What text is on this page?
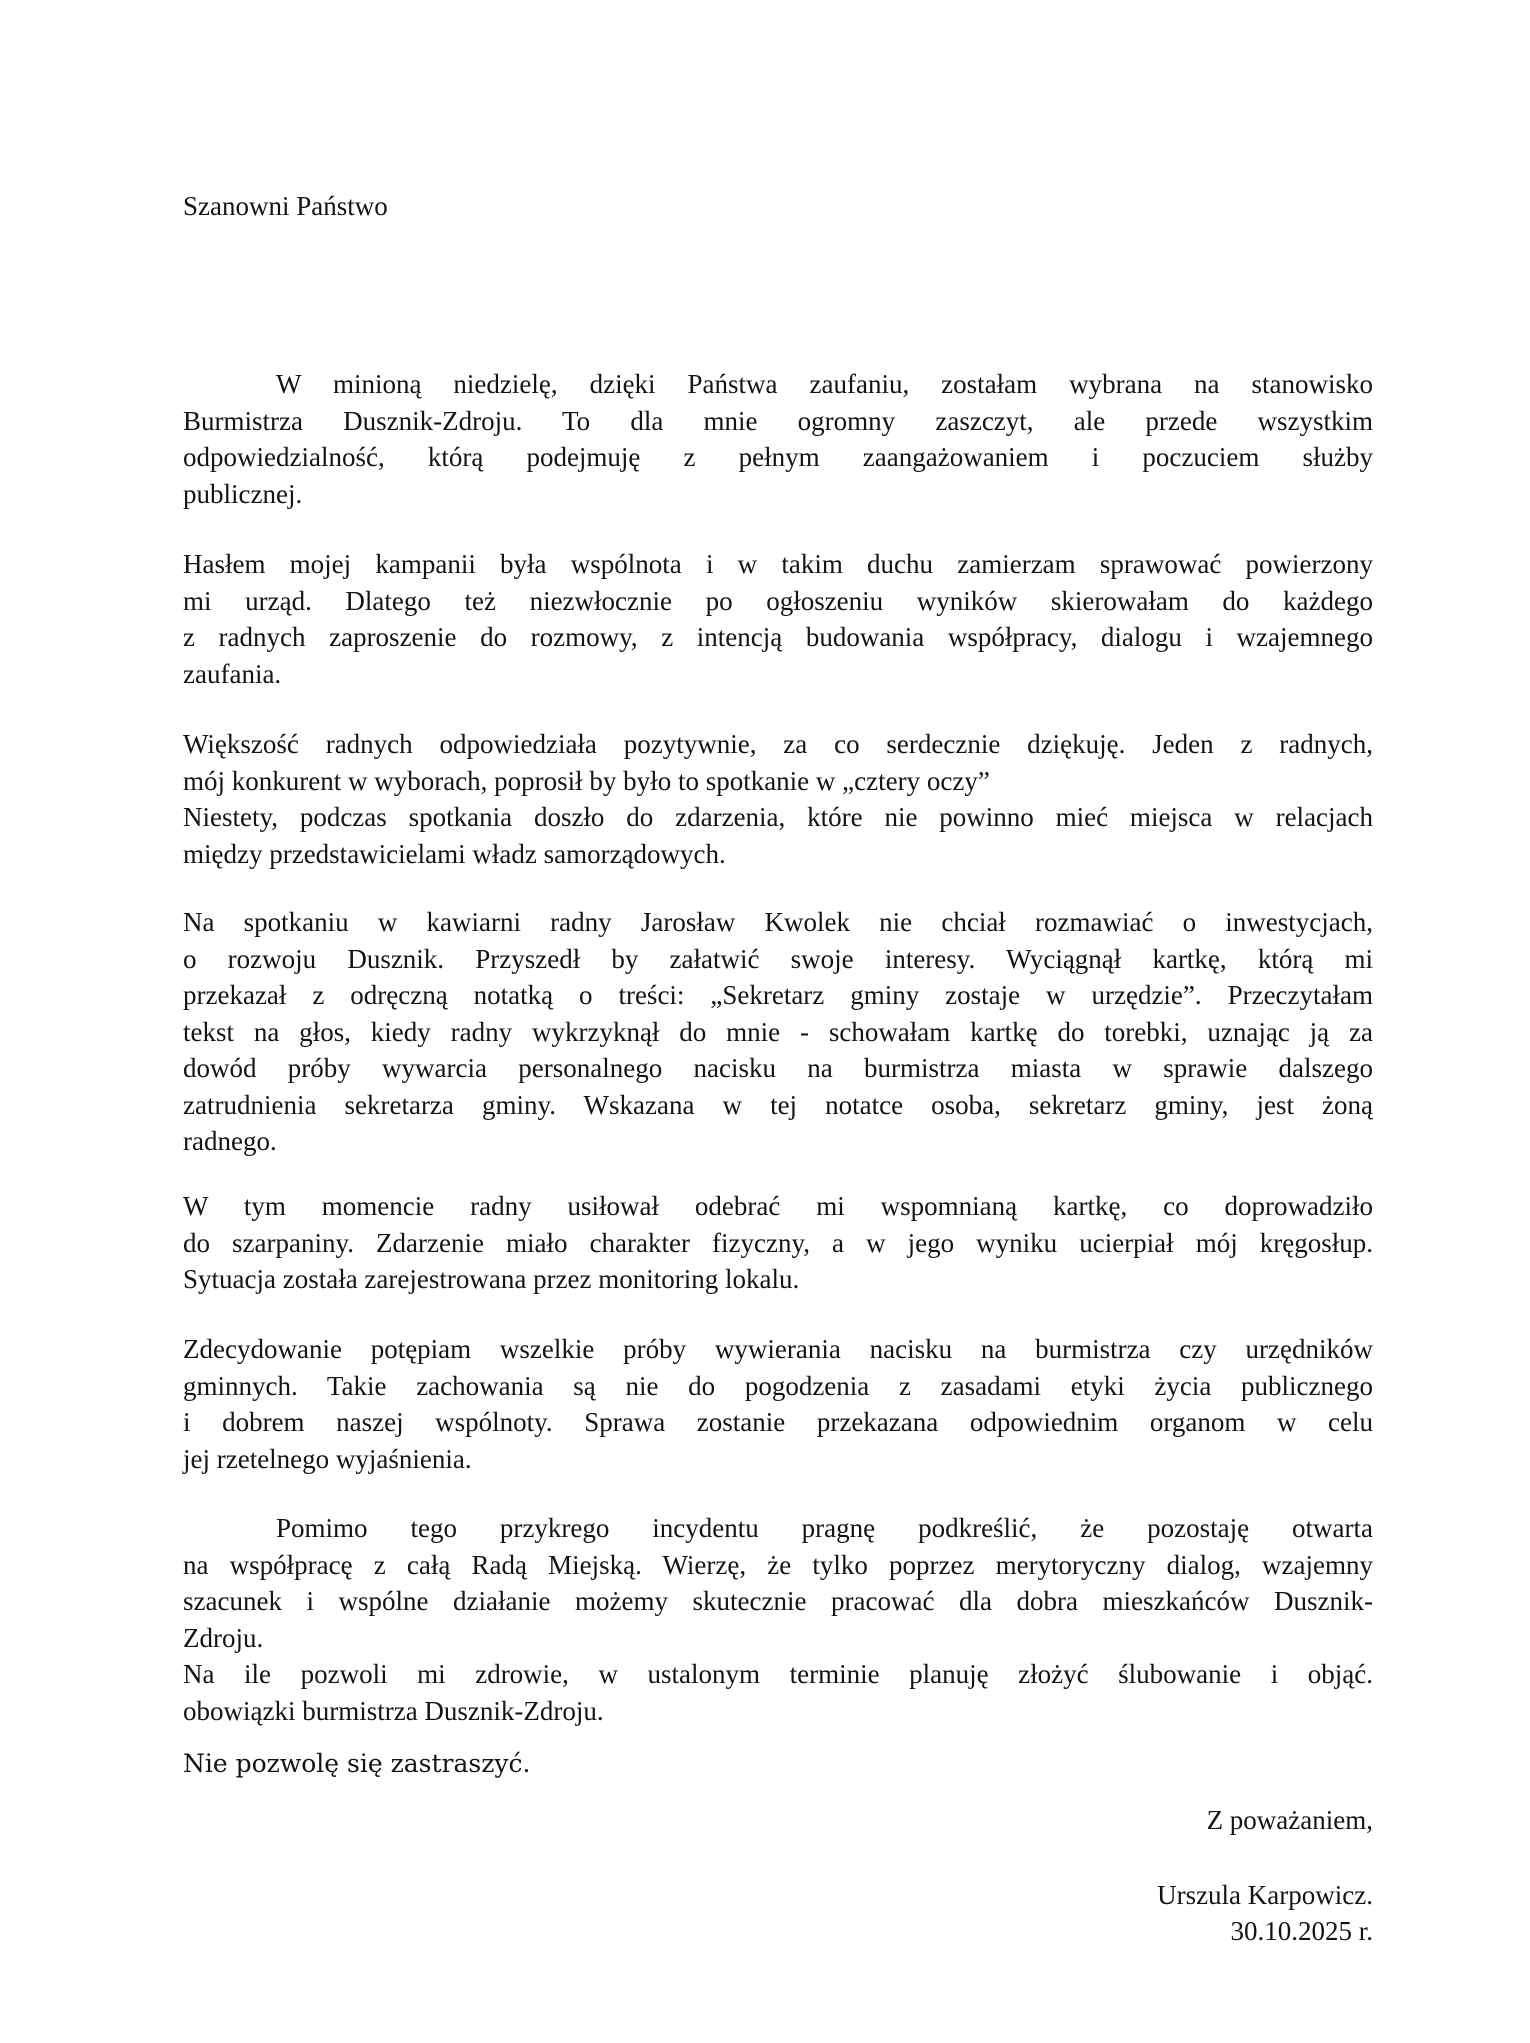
Szanowni Państwo
W minioną niedzielę, dzięki Państwa zaufaniu, zostałam wybrana na stanowisko
Burmistrza Dusznik-Zdroju. To dla mnie ogromny zaszczyt, ale przede wszystkim
odpowiedzialność, którą podejmuję z pełnym zaangażowaniem i poczuciem służby
publicznej.
Hasłem mojej kampanii była wspólnota i w takim duchu zamierzam sprawować powierzony
mi urząd. Dlatego też niezwłocznie po ogłoszeniu wyników skierowałam do każdego
z radnych zaproszenie do rozmowy, z intencją budowania współpracy, dialogu i wzajemnego
zaufania.
Większość radnych odpowiedziała pozytywnie, za co serdecznie dziękuję. Jeden z radnych,
mój konkurent w wyborach, poprosił by było to spotkanie w „cztery oczy”
Niestety, podczas spotkania doszło do zdarzenia, które nie powinno mieć miejsca w relacjach
między przedstawicielami władz samorządowych.
Na spotkaniu w kawiarni radny Jarosław Kwolek nie chciał rozmawiać o inwestycjach,
o rozwoju Dusznik. Przyszedł by załatwić swoje interesy. Wyciągnął kartkę, którą mi
przekazał z odręczną notatką o treści: „Sekretarz gminy zostaje w urzędzie”. Przeczytałam
tekst na głos, kiedy radny wykrzyknął do mnie - schowałam kartkę do torebki, uznając ją za
dowód próby wywarcia personalnego nacisku na burmistrza miasta w sprawie dalszego
zatrudnienia sekretarza gminy. Wskazana w tej notatce osoba, sekretarz gminy, jest żoną
radnego.
W tym momencie radny usiłował odebrać mi wspomnianą kartkę, co doprowadziło
do szarpaniny. Zdarzenie miało charakter fizyczny, a w jego wyniku ucierpiał mój kręgosłup.
Sytuacja została zarejestrowana przez monitoring lokalu.
Zdecydowanie potępiam wszelkie próby wywierania nacisku na burmistrza czy urzędników
gminnych. Takie zachowania są nie do pogodzenia z zasadami etyki życia publicznego
i dobrem naszej wspólnoty. Sprawa zostanie przekazana odpowiednim organom w celu
jej rzetelnego wyjaśnienia.
Pomimo tego przykrego incydentu pragnę podkreślić, że pozostaję otwarta
na współpracę z całą Radą Miejską. Wierzę, że tylko poprzez merytoryczny dialog, wzajemny
szacunek i wspólne działanie możemy skutecznie pracować dla dobra mieszkańców Dusznik-
Zdroju.
Na ile pozwoli mi zdrowie, w ustalonym terminie planuję złożyć ślubowanie i objąć.
obowiązki burmistrza Dusznik-Zdroju.
Nie pozwolę się zastraszyć.
Z poważaniem,
Urszula Karpowicz.
30.10.2025 r.
